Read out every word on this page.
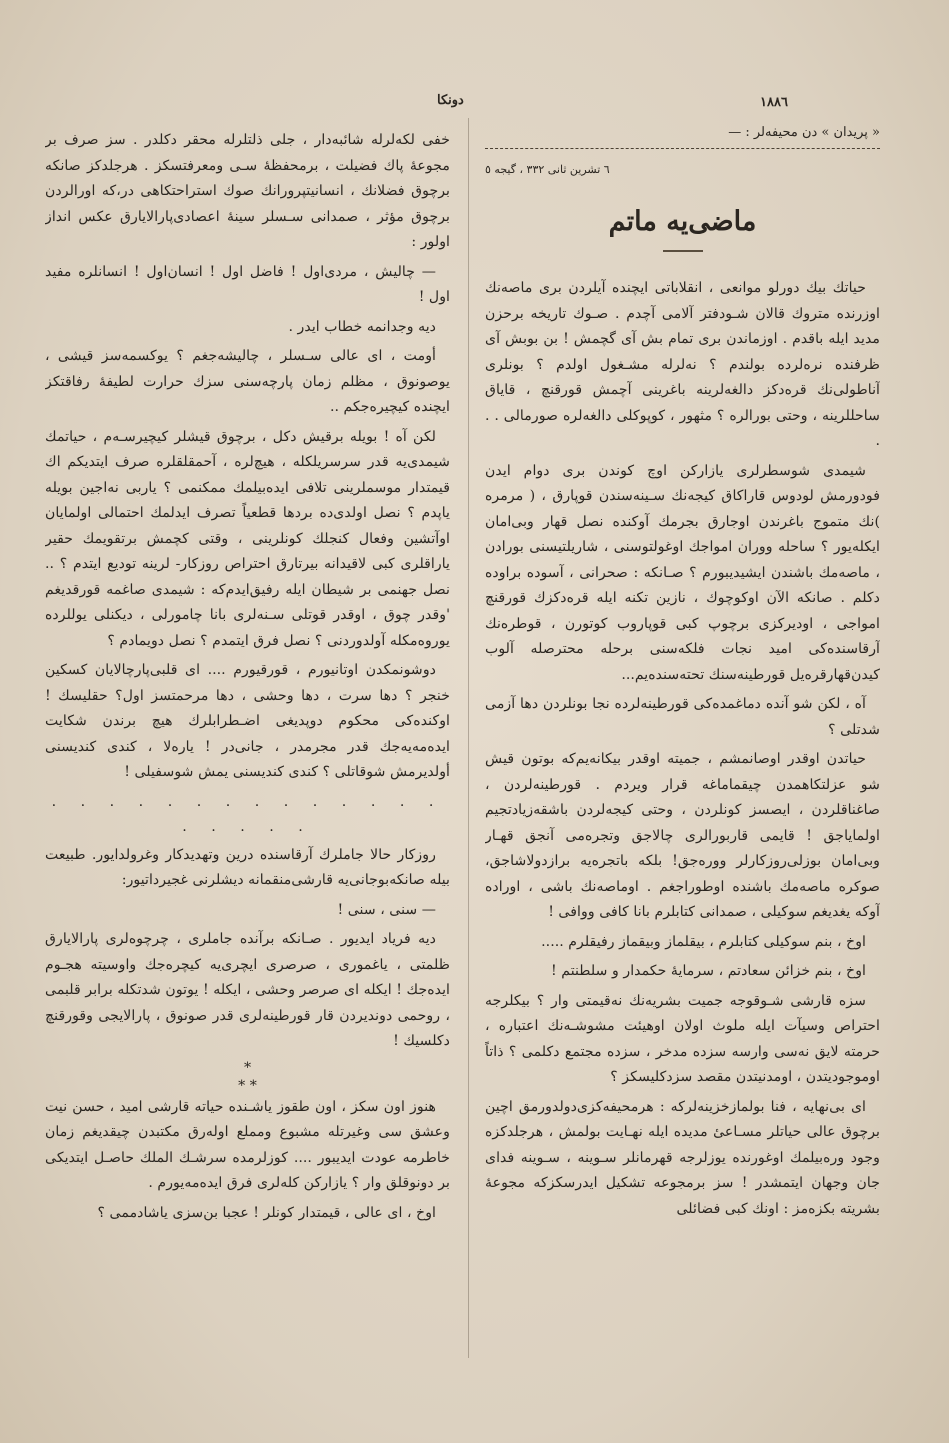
دونكا	١٨٨٦
« پریدان » دن محیفه‌لر : —
٦ تشرین ثانی ٣٣٢ ، گیجه ٥
ماضی‌یه ماتم

حیاتك بیك دورلو موانعی ، انقلاباتی ایچنده آیلردن بری ماصه‌نك اوزرنده متروك قالان شـودفتر آلامی آچدم . صـوك تاریخه برحزن مدید ایله باقدم . اوزماندن بری تمام بش آی گچمش ! بن بوبش آی ظرفنده نره‌لرده بولندم ؟ نه‌لرله مشـغول اولدم ؟ بونلری آناطولی‌نك قره‌دكز دالغه‌لرینه باغرینی آچمش قورقنچ ، قایاق ساحللرینه ، وحتی بورالره ؟ مثهور ، کوپوکلی دالغه‌لره صورمالی . . .

شیمدی شوسطرلری یازارکن اوچ کوندن بری دوام ایدن فودورمش لودوس قاراكاق کیجه‌نك سـینه‌سندن قوپارق ، ( مرمره )نك متموج باغرندن اوجارق بجرمك آوکنده نصل قهار وبی‌امان ایکلەیور ؟ ساحله ووران امواجك اوغولتوسنی ، شاریلتیسنی بورادن ، ماصه‌مك باشندن ایشیدیبورم ؟ صـانکه : صحرانی ، آسوده براوده دکلم . صانکه الآن اوکوچوك ، نازین تکنه ایله قره‌دکزك قورقنچ امواجی ، اودیرکزی برچوپ کبی قوپاروب کوتورن ، قوطره‌نك آرقاسنده‌کی امید نجات فلکه‌سنی برحله محترصله آلوب کیدن‌قهارقره‌یل قورطینه‌سنك تحته‌سنده‌یم...

آه ، لکن شو آنده دماغمده‌کی قورطینه‌لرده نجا بونلردن دها آزمی شدتلی ؟

حیاتدن اوقدر اوصانمشم ، جمیته اوقدر بیکانه‌یم‌که بوتون قیش شو عزلتکاهمدن چیقماماغه قرار ویردم . قورطینه‌لردن ، صاغناقلردن ، ایصسز کونلردن ، وحتی کیجه‌لردن باشقه‌زیاد‌تجیم اولمایاجق ! قایمی قاربورالری چالاجق وتجره‌می آنجق قهـار وبی‌امان بوزلی‌روزکارلر وورەجق! بلکه باتجره‌یه برازدولاشاجق، صوکره ماصه‌مك باشنده اوطوراجغم . اوماصه‌نك باشی ، اوراده آوکه یغدیغم سوکیلی ، صمدانی کتابلرم بانا کافی ووافی !

اوخ ، بنم سوکیلی کتابلرم ، بیقلماز وبیقماز رفیقلرم .....

اوخ ، بنم خزائن سعادتم ، سرمایهٔ حکمدار و سلطنتم !

سزه قارشی شـوقوجه جمیت بشریه‌نك نه‌قیمتی وار ؟ بیکلرجه احتراص وسیآت ایله ملوث اولان اوهیئت مشوشـه‌نك اعتباره ، حرمته لایق نه‌سی وارسه سزده مدخر ، سزده مجتمع دکلمی ؟ ذاتاً اوموجودیتدن ، اومدنیتدن مقصد سزدکلیسکز ؟

ای بی‌نهایه ، فنا بولمازخزینه‌لرکه : هرمحیفه‌کزی‌دولدورمق اچین برچوق عالی حیاتلر مسـاعیٔ مدیده ایله نهـایت بولمش ، هرجلدکزه وجود ورەبیلمك اوغورنده یوزلرجه قهرمانلر سـوینه ، سـوینه فدای جان وجهان ایتمشدر ! سز برمجوعه تشکیل ایدرسکزکه مجوعهٔ بشریته بکزه‌مز : اونك کبی فضائلی

خفی لکه‌لرله شائبه‌دار ، جلی ذلتلرله محقر دکلدر . سز صرف بر مجوعهٔ پاك فضیلت ، برمحفظهٔ سـی ومعرفتسکز . هرجلدکز صانکه برچوق فضلانك ، انسانیتپرورانك صوك استراحتکاهی در،که اورالردن برچوق مؤثر ، صمدانی سـسلر سینهٔ اعصادی‌پارالایارق عکس انداز اولور :

— چالیش ، مردی‌اول ! فاضل اول ! انسان‌اول ! انسانلره مفید اول !

دیه وجدانمه خطاب ایدر .

أومت ، ای عالی سـسلر ، چالیشه‌جغم ؟ یوکسمه‌سز قیشی ، یوصونوق ، مظلم زمان پارچه‌سنی سزك حرارت لطیفهٔ رفاقتکز ایچنده کیچیره‌جکم ..

لکن آه ! بویله برقیش دکل ، برچوق قیشلر کیچیرسـه‌م ، حیاتمك شیمدی‌یه قدر سرسریلکله ، هیچ‌لره ، آحمقلقلره صرف ایتدیکم اك قیمتدار موسملرینی تلافی ایده‌بیلمك ممکنمی ؟ یاربی نه‌اجین بویله یاپدم ؟ نصل اولدی‌ده بردها قطعیاً تصرف ایدلمك احتمالی اولمایان اوآتشین وفعال کنجلك کونلرینی ، وقتی کچمش برتقویمك حقیر یاراقلری کبی لاقیدانه بیرتارق احتراص روزکار- لرینه تودیع ایتدم ؟ .. نصل جهنمی بر شیطان ایله رفیق‌ایدم‌که : شیمدی صاغمه قورقدیغم 'وقدر چوق ، اوقدر قوتلی سـنه‌لری بانا چامورلی ، دیکنلی یوللرده یوروه‌مکله آولدوردنی ؟ نصل فرق ایتمدم ؟ نصل دویمادم ؟

دوشونمکدن اوتانیورم ، قورقیورم .... ای قلبی‌پارچالایان کسکین خنجر ؟ دها سرت ، دها وحشی ، دها مرحمتسز اول؟ حقلیسك ! اوکنده‌کی محکوم دوپدیغی اضـطرابلرك هیچ برندن شکایت ایده‌مه‌یه‌جك قدر مجرمدر ، جانی‌در ! یاره‌لا ، کندی کندیسنی أولدیرمش شوقاتلی ؟ کندی کندیسنی یمش شوسفیلی !

. . . . . . . . . . . . . . . . . . .

روزکار حالا جاملرك آرقاسنده درین وتهدیدکار وغرولدایور. طبیعت بیله صانکه‌بوجانی‌یه قارشی‌منقمانه دیشلرنی غجیردا‌تیور:

— سنی ، سنی !

دیه فریاد ایدیور . صـانکه برآنده جاملری ، چرچوه‌لری پارالایارق ظلمتی ، یاغموری ، صرصری ایچری‌یه کیچره‌جك واوسیته هجـوم ایده‌جك ! ایکله ای صرصر وحشی ، ایکله ! یوتون شدتکله برابر قلبمی ، روحمی دوندیردن قار قورطینه‌لری قدر صونوق ، پارالایجی وقورقنچ دکلسیك !

*
* *

هنوز اون سکز ، اون طقوز یاشـنده حیاته قارشی امید ، حسن نیت وعشق سی وغیرتله مشبوع ومملع اولەرق مکتبدن چیقدیغم زمان خاطرمه عودت ایدیبور .... کوزلرمده سرشـك الملك حاصـل ایتدیکی بر دونوقلق وار ؟ یازارکن کله‌لری فرق ایده‌مه‌یورم .

اوخ ، ای عالی ، قیمتدار کونلر ! عجبا بن‌سزی یاشادممی ؟
